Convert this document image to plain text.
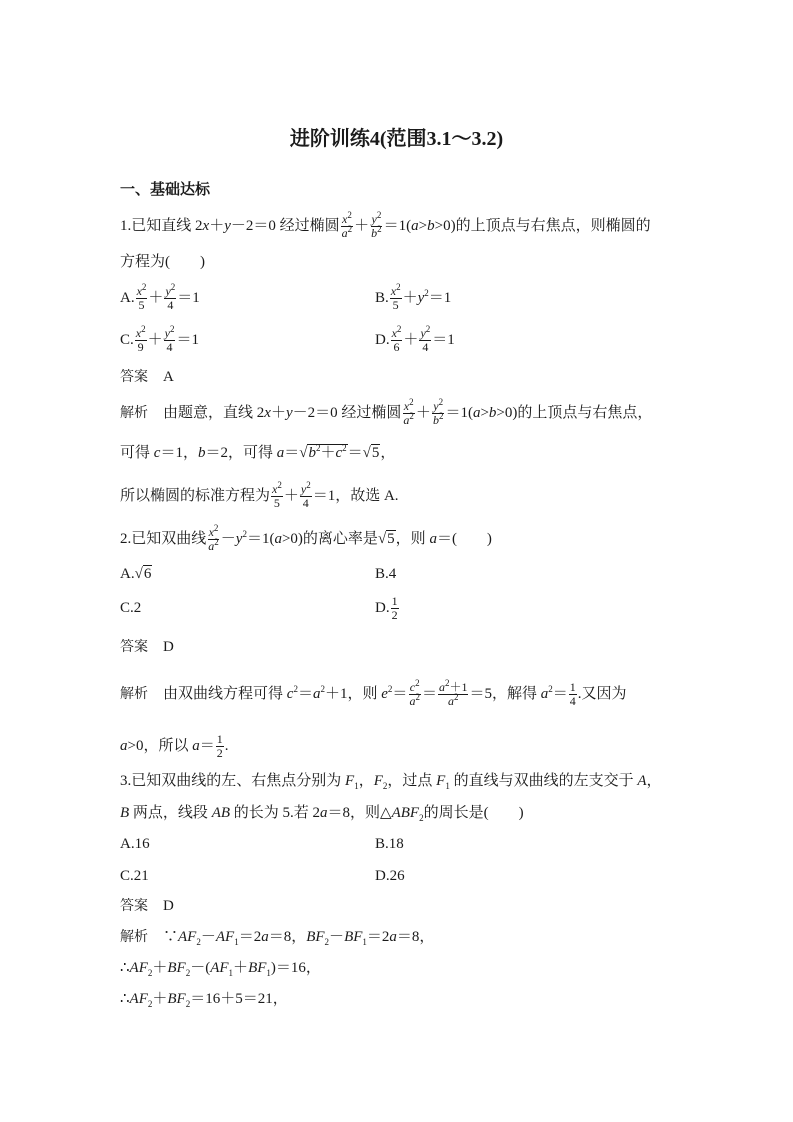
进阶训练4(范围3.1～3.2)
一、基础达标
1.已知直线 2x＋y－2＝0 经过椭圆 $\frac{x^2}{a^2} + \frac{y^2}{b^2} =1(a>b>0)$的上顶点与右焦点，则椭圆的
方程为(　　)
A. $\frac{x^2}{5} + \frac{y^2}{4} =1$	B. $\frac{x^2}{5} +y^2=1$
C. $\frac{x^2}{9} + \frac{y^2}{4} =1$	D. $\frac{x^2}{6} + \frac{y^2}{4} =1$
答案　 A
解析　 由题意，直线 2x＋y－2＝0 经过椭圆 $\frac{x^2}{a^2} + \frac{y^2}{b^2} =1(a>b>0)$的上顶点与右焦点，
可得 c＝1，b＝2，可得 $a=√b^2+c^2=√5$，
所以椭圆的标准方程为 $\frac{x^2}{5} + \frac{y^2}{4} =1$，故选 A.
2.已知双曲线 $\frac{x^2}{a^2} -y^2=1(a>0)$的离心率是√5，则 a＝(　　)
A.√6	B.4
C.2	D. $\frac{1}{2}$
答案　 D
解析　 由双曲线方程可得 $c^2=a^2+1$，则 $e^2= \frac{c^2}{a^2} = \frac{a^2+1}{a^2} =5$，解得 $a^2= \frac{1}{4}$ .又因为
a>0，所以 $a= \frac{1}{2}$ .
3.已知双曲线的左、右焦点分别为 $F_1$，$F_2$，过点 $F_1$ 的直线与双曲线的左支交于 A，
B 两点，线段 AB 的长为 5.若 2a＝8，则$\triangle ABF_2$的周长是(　　)
A.16	B.18
C.21	D.26
答案　 D
解析　$\because AF_2-AF_1=2a=8$，$BF_2-BF_1=2a=8$，
$\therefore AF_2+BF_2-(AF_1+BF_1)=16$，
$\therefore AF_2+BF_2=16+5=21$，
